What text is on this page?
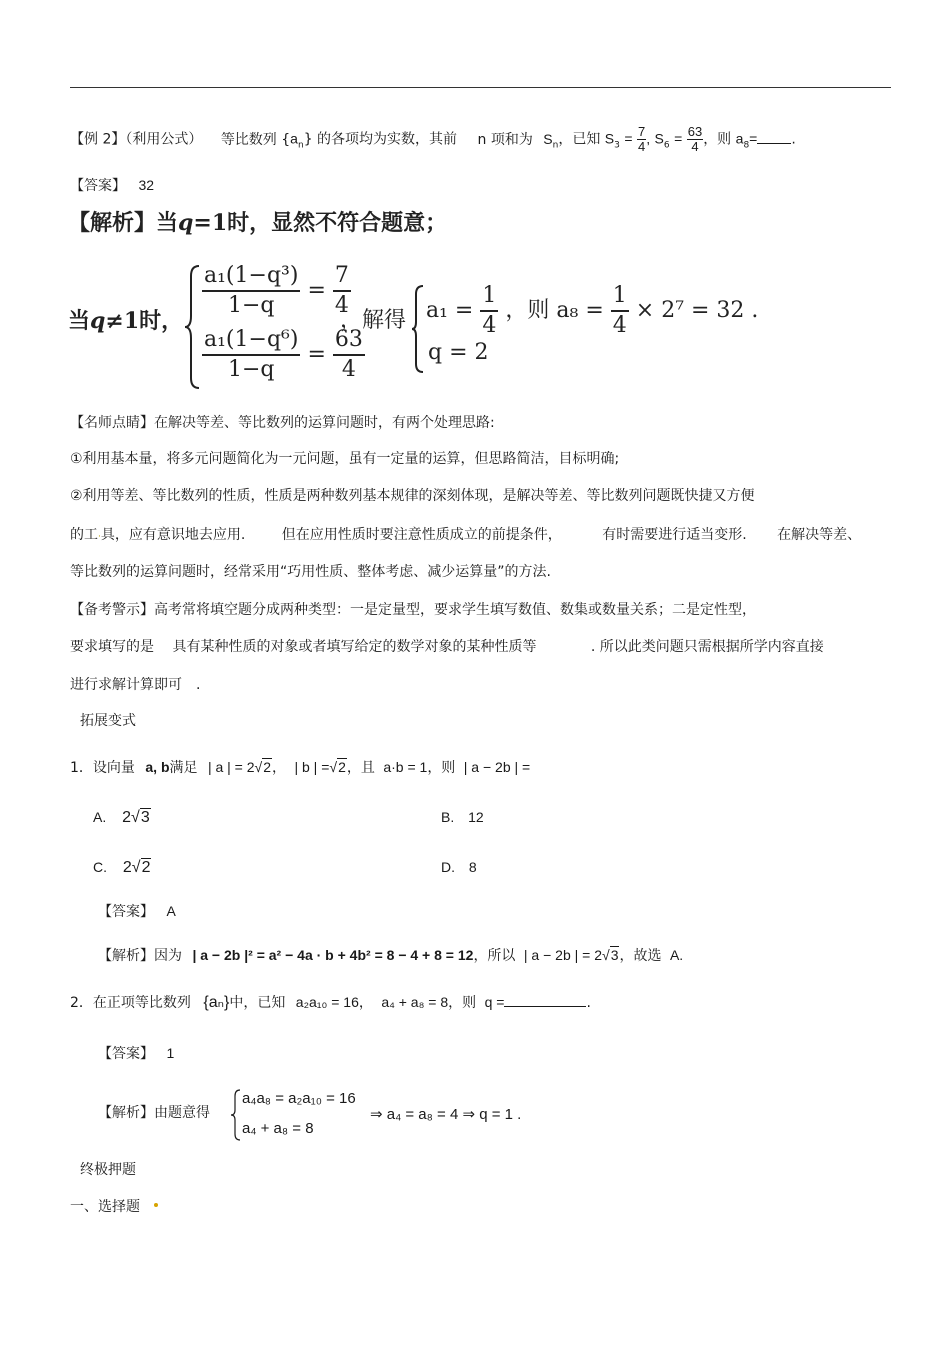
【例 2】（利用公式） 等比数列 $\{a_n\}$ 的各项均为实数，其前 n 项和为 $S_n$，已知 $S_3 = \frac{7}{4}$ , $S_6 = \frac{63}{4}$ ，则 $a_8=$ .
【答案】 32
【解析】当q=1时，显然不符合题意；
当q≠1时，
$\frac{\text{a₁(1−q³)}}{1-q} = \frac{7}{4}$
$\frac{\text{a₁(1−q⁶)}}{1-q} = \frac{63}{4}$
，解得 $a_1 = \frac{1}{4}$ ，则 $a_8 = \frac{1}{4} \times 2^7 = 32$ .
q = 2
【名师点睛】在解决等差、等比数列的运算问题时，有两个处理思路:
①利用基本量，将多元问题简化为一元问题，虽有一定量的运算，但思路简洁，目标明确;
②利用等差、等比数列的性质，性质是两种数列基本规律的深刻体现，是解决等差、等比数列问题既快捷又方便
的工·具，应有意识地去应用.	但在应用性质时要注意性质成立的前提条件，	有时需要进行适当变形. 在解决等差、
等比数列的运算问题时，经常采用“巧用性质、整体考虑、减少运算量”的方法.
【备考警示】高考常将填空题分成两种类型：一是定量型，要求学生填写数值、数集或数量关系；二是定性型，
要求填写的是 具有某种性质的对象或者填写给定的数学对象的某种性质等	. 所以此类问题只需根据所学内容直接
进行求解计算即可 .
拓展变式
1．设向量 a, b满足 | a | = 2√2， | b | =√2，且 a·b = 1，则 | a − 2b | =
A. 2√3	B. 12
C. 2√2	D. 8
【答案】 A
【解析】因为 | a − 2b |² = a² − 4a · b + 4b² = 8 − 4 + 8 = 12，所以 | a − 2b | = 2√3，故选 A.
2．在正项等比数列 {aₙ}中，已知 a₂a₁₀ = 16， a₄ + a₈ = 8，则 q =	.
【答案】 1
【解析】由题意得
a₄a₈ = a₂a₁₀ = 16
a₄ + a₈ = 8
⇒ a₄ = a₈ = 4 ⇒ q = 1 .
终极押题
一、选择题
